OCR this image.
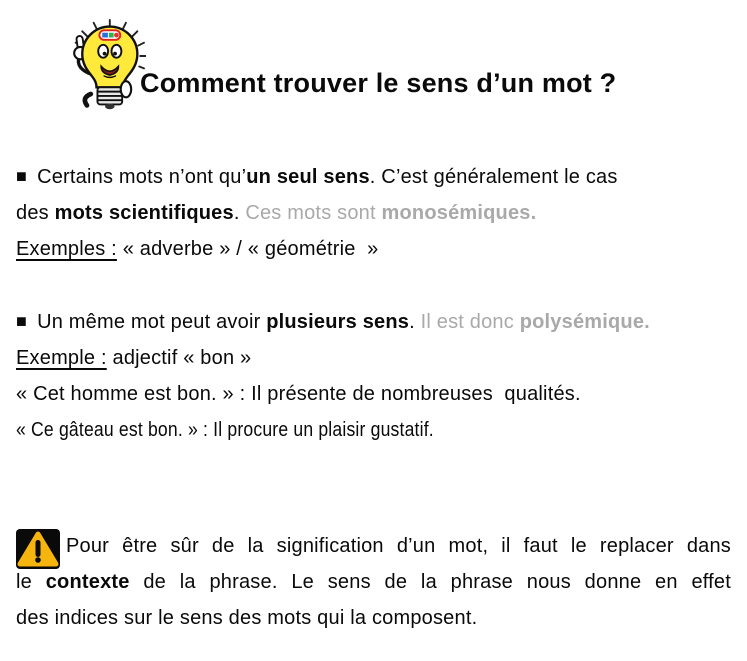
Comment trouver le sens d’un mot ?
■ Certains mots n’ont qu’un seul sens. C’est généralement le cas
des mots scientifiques. Ces mots sont monosémiques.
Exemples : « adverbe » / « géométrie  »
■ Un même mot peut avoir plusieurs sens. Il est donc polysémique.
Exemple : adjectif « bon »
« Cet homme est bon. » : Il présente de nombreuses  qualités.
« Ce gâteau est bon. » : Il procure un plaisir gustatif.
Pour être sûr de la signification d’un mot, il faut le replacer dans
le contexte de la phrase. Le sens de la phrase nous donne en effet
des indices sur le sens des mots qui la composent.
